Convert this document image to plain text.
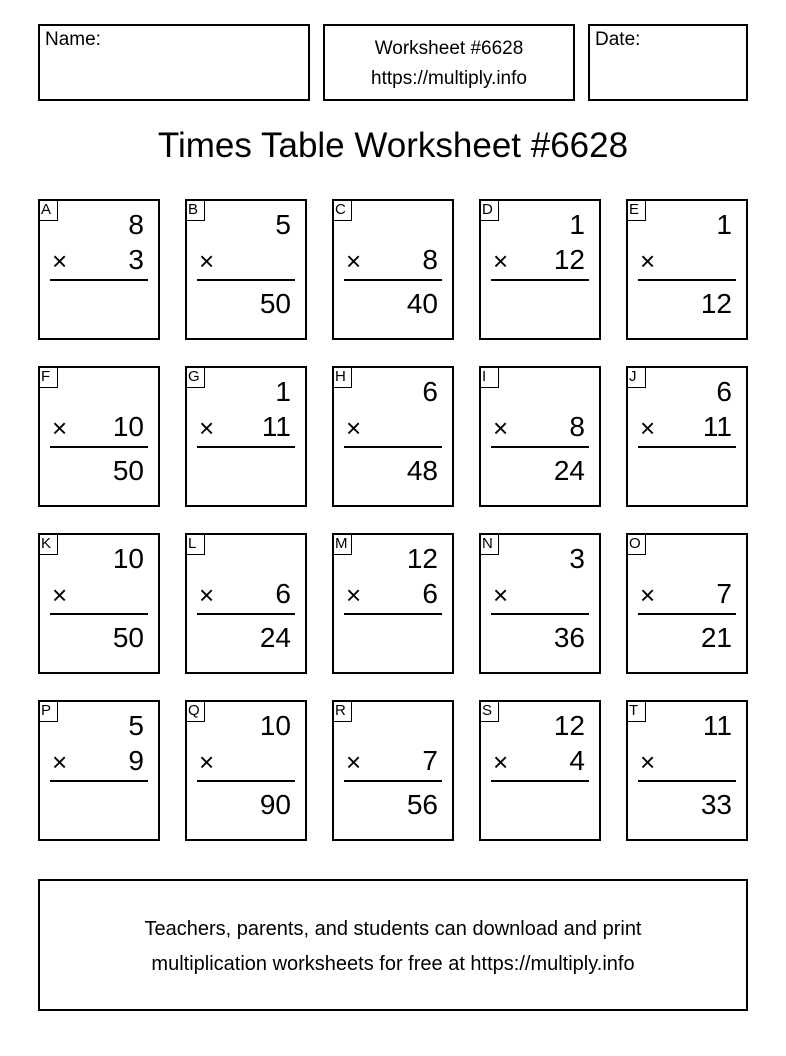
Name:	Worksheet #6628
https://multiply.info
Date:
Times Table Worksheet #6628
A	8
× 3
B	5
×
50
C
× 8
40
D	1
× 12
E	1
×
12
F
× 10
50
G	1
× 11
H	6
×
48
I
× 8
24
J	6
× 11
K 10
×
50
L
× 6
24
M 12
× 6
N	3
×
36
O
× 7
21
P	5
× 9
Q 10
×
90
R
× 7
56
S 12
× 4
T 11
×
33
Teachers, parents, and students can download and print
multiplication worksheets for free at https://multiply.info
